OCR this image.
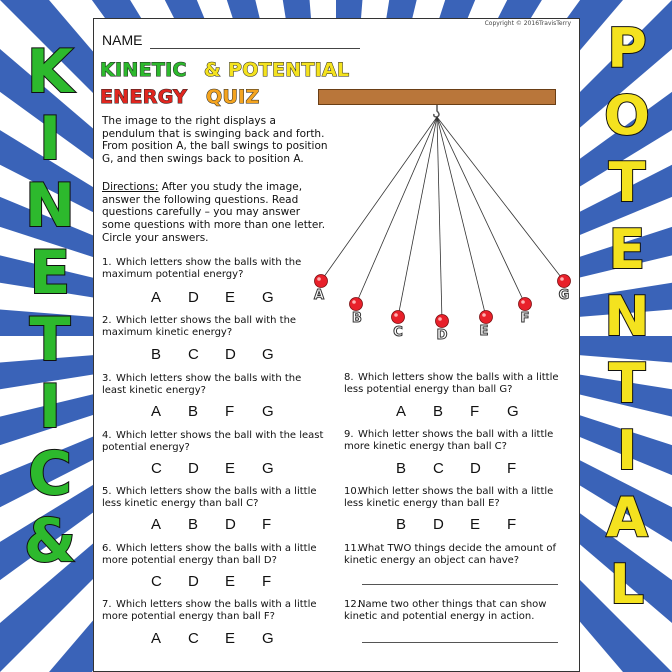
K
I
N
E
T
I
C
&
P
O
T
E
N
T
I
A
L
Copyright © 2016TravisTerry
NAME
KINETIC & POTENTIAL
ENERGY QUIZ
The image to the right displays a pendulum that is swinging back and forth. From position A, the ball swings to position G, and then swings back to position A.
Directions: After you study the image, answer the following questions. Read questions carefully – you may answer some questions with more than one letter. Circle your answers.
A
B
C	D E
F
G
1. Which letters show the balls with the maximum potential energy?
A	D	E	G
2. Which letter shows the ball with the maximum kinetic energy?
B	C	D	G
3. Which letters show the balls with the least kinetic energy?
A	B	F	G
4. Which letter shows the ball with the least potential energy?
C	D	E	G
5. Which letters show the balls with a little less kinetic energy than ball C?
A	B	D	F
6. Which letters show the balls with a little more potential energy than ball D?
C	D	E	F
7. Which letters show the balls with a little more potential energy than ball F?
A	C	E	G
8. Which letters show the balls with a little less potential energy than ball G?
A	B	F	G
9. Which letter shows the ball with a little more kinetic energy than ball C?
B	C	D	F
10.Which letter shows the ball with a little less kinetic energy than ball E?
B	D	E	F
11.What TWO things decide the amount of kinetic energy an object can have?
12.Name two other things that can show kinetic and potential energy in action.
